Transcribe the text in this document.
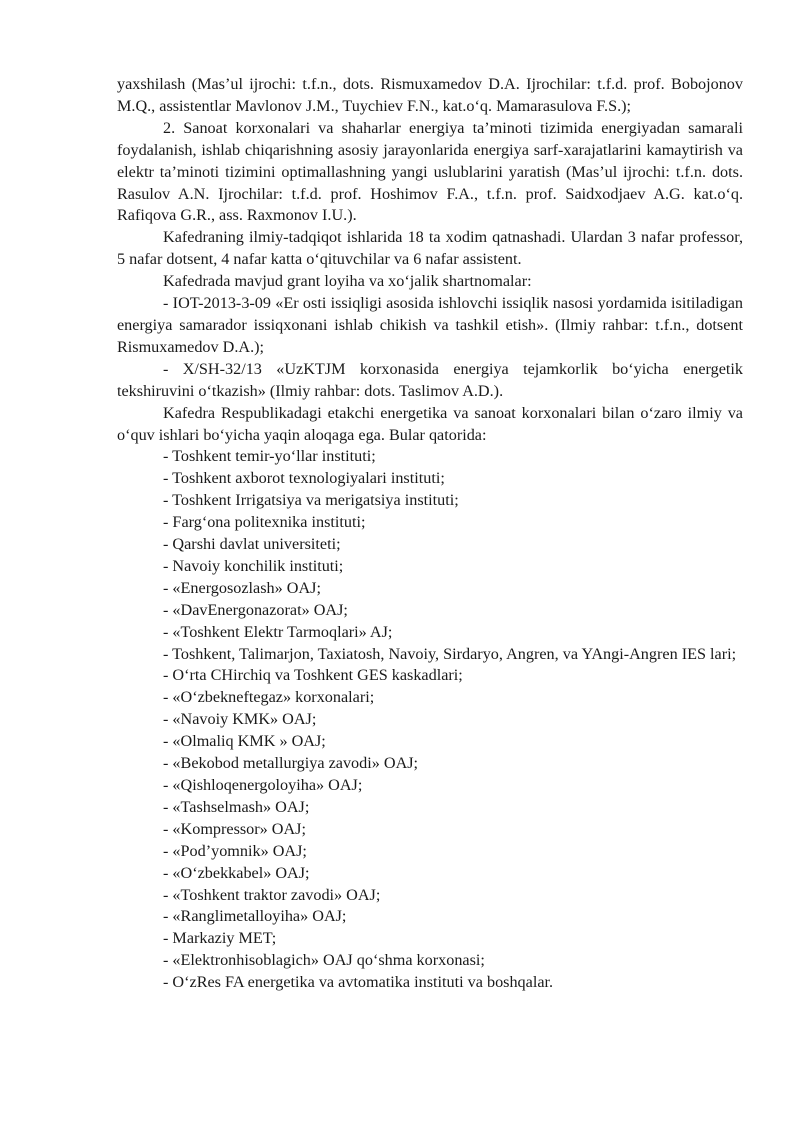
yaxshilash (Mas’ul ijrochi: t.f.n., dots. Rismuxamedov D.A. Ijrochilar: t.f.d. prof. Bobojonov M.Q., assistentlar Mavlonov J.M., Tuychiev F.N., kat.o‘q. Mamarasulova F.S.);

2. Sanoat korxonalari va shaharlar energiya ta’minoti tizimida energiyadan samarali foydalanish, ishlab chiqarishning asosiy jarayonlarida energiya sarf-xarajatlarini kamaytirish va elektr ta’minoti tizimini optimallashning yangi uslublarini yaratish (Mas’ul ijrochi: t.f.n. dots. Rasulov A.N. Ijrochilar: t.f.d. prof. Hoshimov F.A., t.f.n. prof. Saidxodjaev A.G. kat.o‘q. Rafiqova G.R., ass. Raxmonov I.U.).

Kafedraning ilmiy-tadqiqot ishlarida 18 ta xodim qatnashadi. Ulardan 3 nafar professor, 5 nafar dotsent, 4 nafar katta o‘qituvchilar va 6 nafar assistent.

Kafedrada mavjud grant loyiha va xo‘jalik shartnomalar:

- IOT-2013-3-09 «Er osti issiqligi asosida ishlovchi issiqlik nasosi yordamida isitiladigan energiya samarador issiqxonani ishlab chikish va tashkil etish». (Ilmiy rahbar: t.f.n., dotsent Rismuxamedov D.A.);

- X/SH-32/13 «UzKTJM korxonasida energiya tejamkorlik bo‘yicha energetik tekshiruvini o‘tkazish» (Ilmiy rahbar: dots. Taslimov A.D.).

Kafedra Respublikadagi etakchi energetika va sanoat korxonalari bilan o‘zaro ilmiy va o‘quv ishlari bo‘yicha yaqin aloqaga ega. Bular qatorida:

- Toshkent temir-yo‘llar instituti;
- Toshkent axborot texnologiyalari instituti;
- Toshkent Irrigatsiya va merigatsiya instituti;
- Farg‘ona politexnika instituti;
- Qarshi davlat universiteti;
- Navoiy konchilik instituti;
- «Energosozlash» OAJ;
- «DavEnergonazorat» OAJ;
- «Toshkent Elektr Tarmoqlari» AJ;
- Toshkent, Talimarjon, Taxiatosh, Navoiy, Sirdaryo, Angren, va YAngi-Angren IES lari;
- O‘rta CHirchiq va Toshkent GES kaskadlari;
- «O‘zbekneftegaz» korxonalari;
- «Navoiy KMK» OAJ;
- «Olmaliq KMK » OAJ;
- «Bekobod metallurgiya zavodi» OAJ;
- «Qishloqenergoloyiha» OAJ;
- «Tashselmash» OAJ;
- «Kompressor» OAJ;
- «Pod’yomnik» OAJ;
- «O‘zbekkabel» OAJ;
- «Toshkent traktor zavodi» OAJ;
- «Ranglimetalloyiha» OAJ;
- Markaziy MET;
- «Elektronhisoblagich» OAJ qo‘shma korxonasi;
- O‘zRes FA energetika va avtomatika instituti va boshqalar.
